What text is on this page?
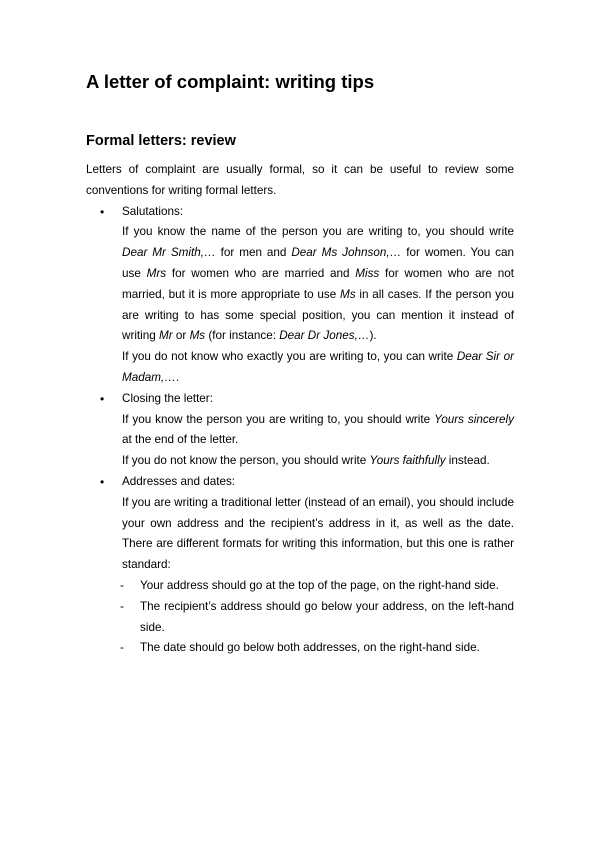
A letter of complaint: writing tips
Formal letters: review

Letters of complaint are usually formal, so it can be useful to review some conventions for writing formal letters.

• Salutations:
If you know the name of the person you are writing to, you should write Dear Mr Smith,… for men and Dear Ms Johnson,… for women. You can use Mrs for women who are married and Miss for women who are not married, but it is more appropriate to use Ms in all cases. If the person you are writing to has some special position, you can mention it instead of writing Mr or Ms (for instance: Dear Dr Jones,…).
If you do not know who exactly you are writing to, you can write Dear Sir or Madam,….
• Closing the letter:
If you know the person you are writing to, you should write Yours sincerely at the end of the letter.
If you do not know the person, you should write Yours faithfully instead.
• Addresses and dates:
If you are writing a traditional letter (instead of an email), you should include your own address and the recipient’s address in it, as well as the date. There are different formats for writing this information, but this one is rather standard:
- Your address should go at the top of the page, on the right-hand side.
- The recipient’s address should go below your address, on the left-hand side.
- The date should go below both addresses, on the right-hand side.
